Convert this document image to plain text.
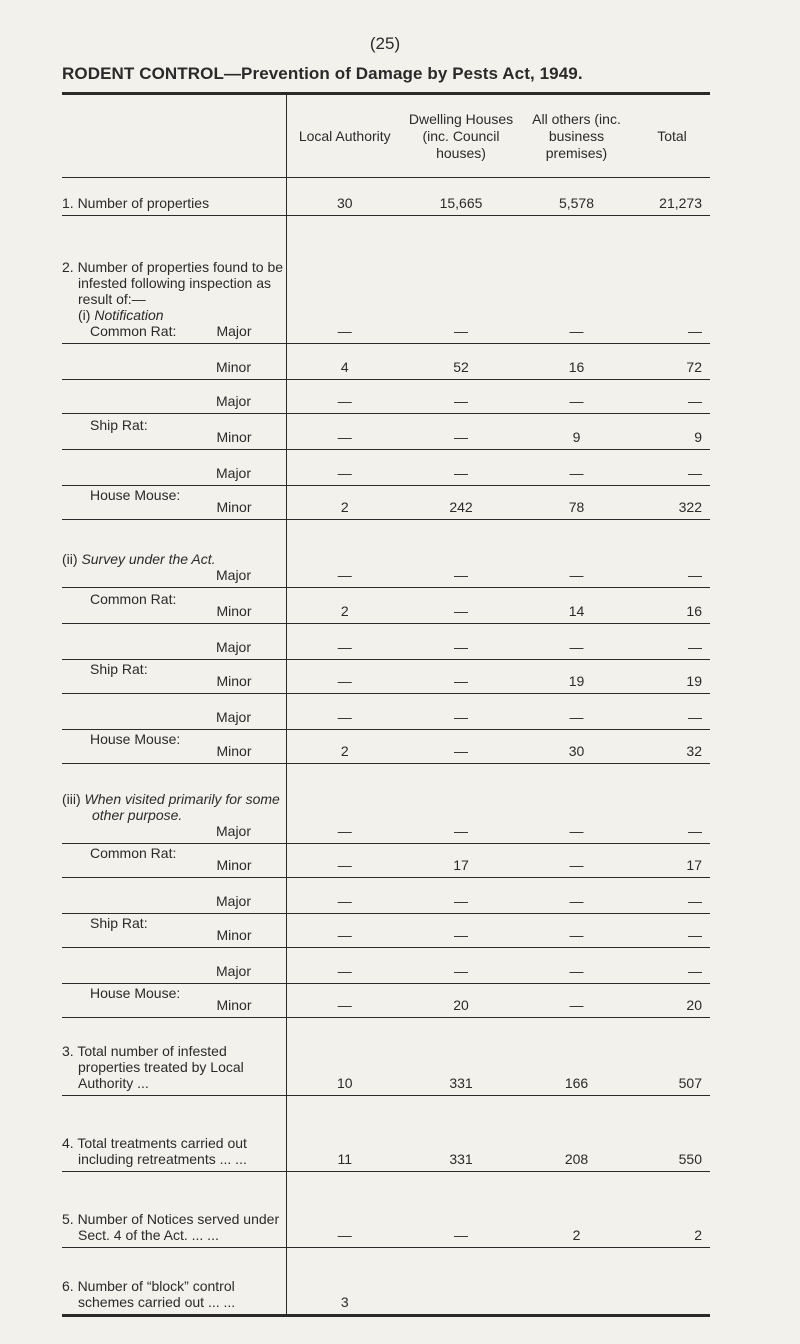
(25)
RODENT CONTROL—Prevention of Damage by Pests Act, 1949.
	Local Authority	Dwelling Houses (inc. Council houses)	All others (inc. business premises)	Total

1. Number of properties	30	15,665	5,578	21,273

2. Number of properties found to be infested following inspection as result of:—
(i) Notification
Common Rat: Major	—	—	—	—

Minor	4	52	16	72

Major	—	—	—	—

Ship Rat:
Minor	—	—	9	9

Major	—	—	—	—

House Mouse:
Minor	2	242	78	322

(ii) Survey under the Act.
Major	—	—	—	—

Common Rat:
Minor	2	—	14	16

Major	—	—	—	—

Ship Rat:
Minor	—	—	19	19

Major	—	—	—	—

House Mouse:
Minor	2	—	30	32

(iii) When visited primarily for some other purpose.
Major	—	—	—	—

Common Rat:
Minor	—	17	—	17

Major	—	—	—	—

Ship Rat:
Minor	—	—	—	—

Major	—	—	—	—

House Mouse:
Minor	—	20	—	20

3. Total number of infested properties treated by Local Authority ...	10	331	166	507

4. Total treatments carried out including retreatments ... ...	11	331	208	550

5. Number of Notices served under Sect. 4 of the Act. ... ...	—	—	2	2

6. Number of “block” control schemes carried out ... ...	3			
